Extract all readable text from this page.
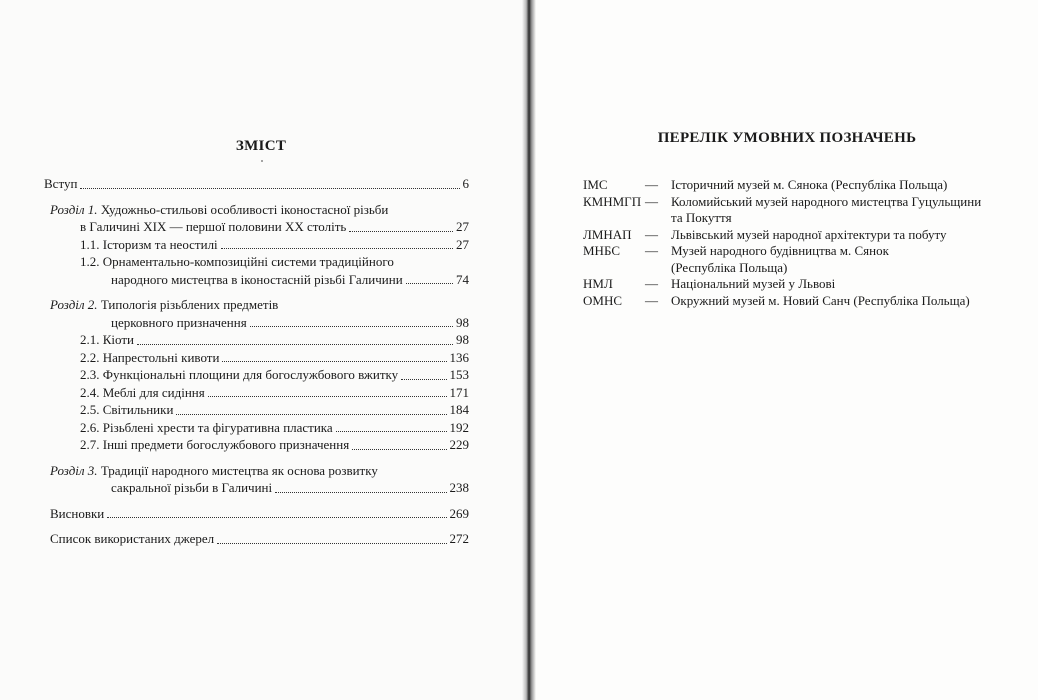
ЗМІСТ
Вступ	6
Розділ 1. Художньо-стильові особливості іконостасної різьби
в Галичині XIX — першої половини XX століть	27
1.1. Історизм та неостилі	27
1.2. Орнаментально-композиційні системи традиційного
народного мистецтва в іконостасній різьбі Галичини	74
Розділ 2. Типологія різьблених предметів
церковного призначення	98
2.1. Кіоти	98
2.2. Напрестольні кивоти	136
2.3. Функціональні площини для богослужбового вжитку	153
2.4. Меблі для сидіння	171
2.5. Світильники	184
2.6. Різьблені хрести та фігуративна пластика	192
2.7. Інші предмети богослужбового призначення	229
Розділ 3. Традиції народного мистецтва як основа розвитку
сакральної різьби в Галичині	238
Висновки	269
Список використаних джерел	272
ПЕРЕЛІК УМОВНИХ ПОЗНАЧЕНЬ
ІМС	—	Історичний музей м. Сянока (Республіка Польща)
КМНМГП —	Коломийський музей народного мистецтва Гуцульщини
та Покуття
ЛМНАП	—	Львівський музей народної архітектури та побуту
МНБС	—	Музей народного будівництва м. Сянок
(Республіка Польща)
НМЛ	—	Національний музей у Львові
ОМНС	—	Окружний музей м. Новий Санч (Республіка Польща)
